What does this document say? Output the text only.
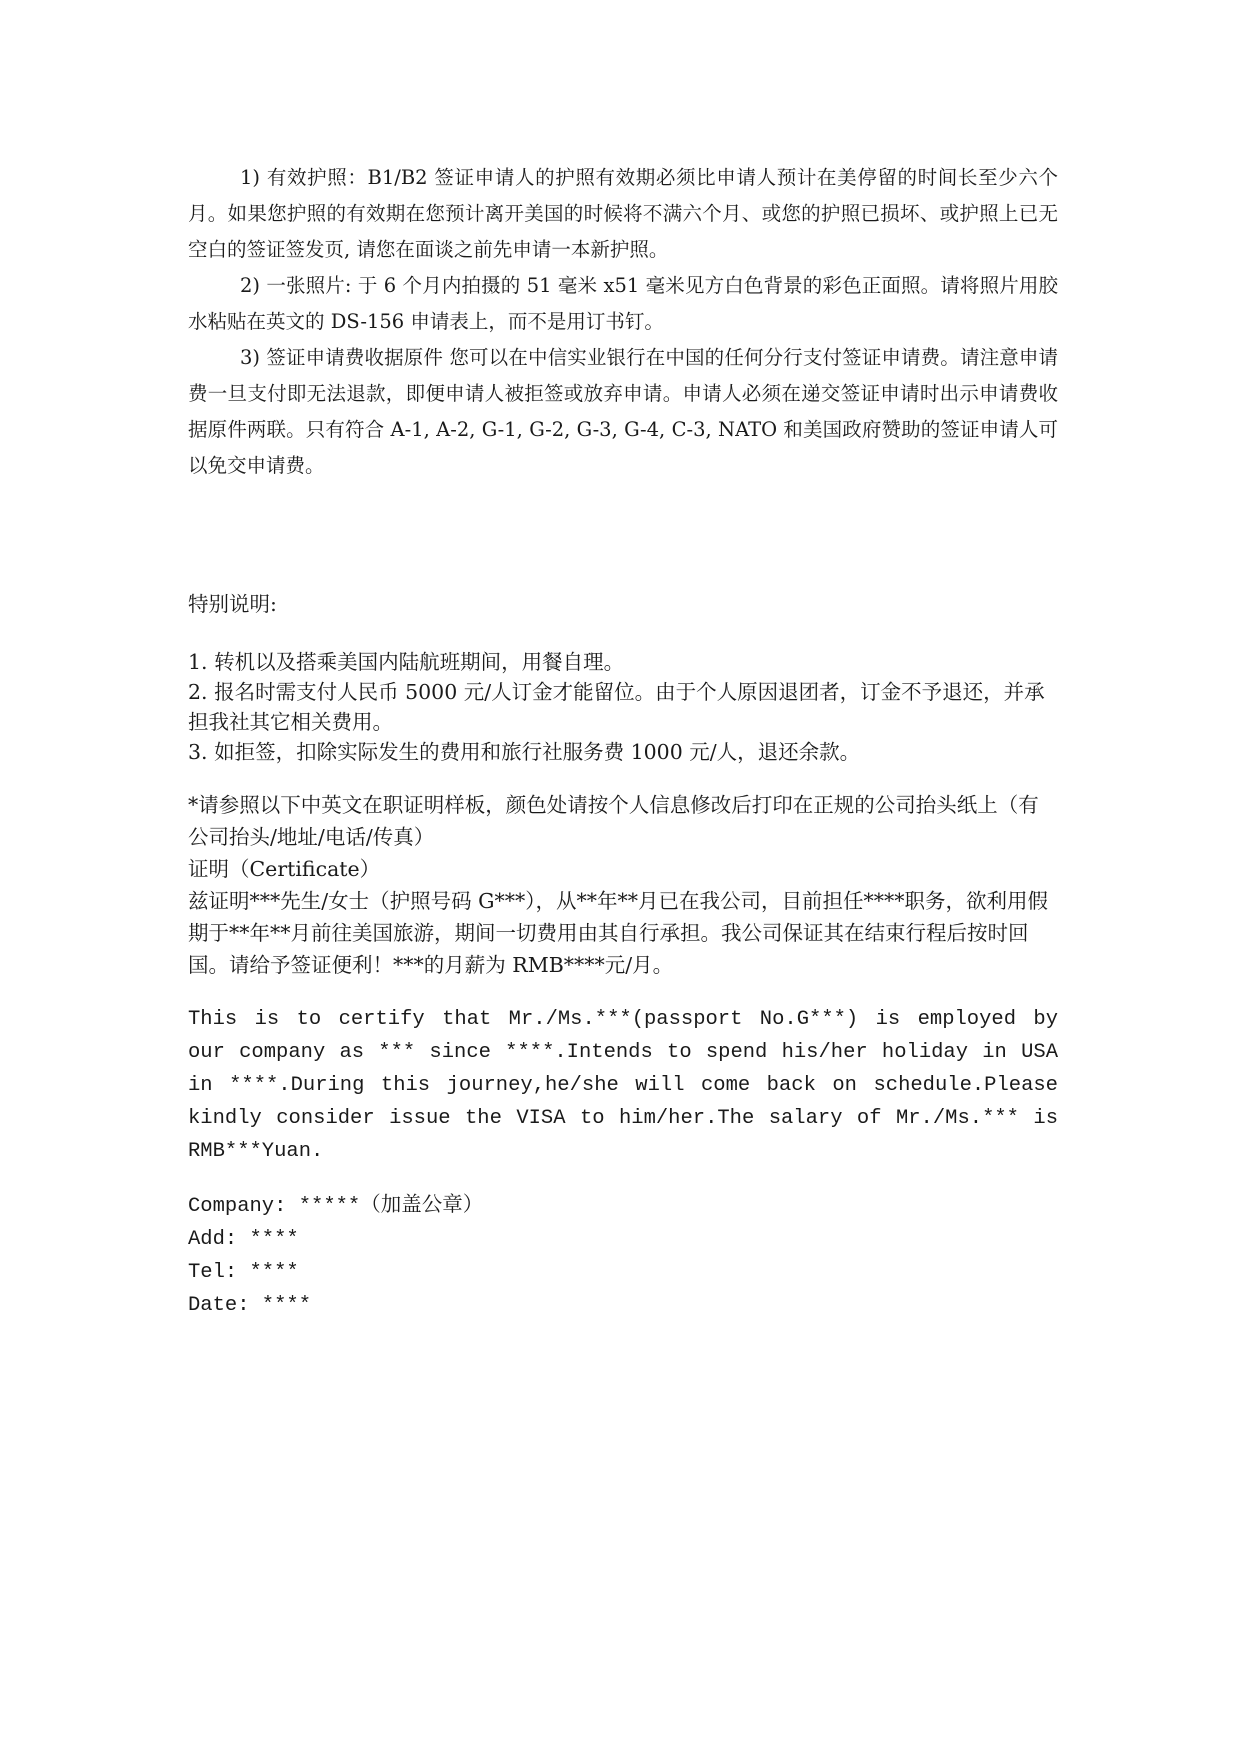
1) 有效护照：B1/B2 签证申请人的护照有效期必须比申请人预计在美停留的时间长至少六个月。如果您护照的有效期在您预计离开美国的时候将不满六个月、或您的护照已损坏、或护照上已无空白的签证签发页, 请您在面谈之前先申请一本新护照。

2) 一张照片: 于 6 个月内拍摄的 51 毫米 x51 毫米见方白色背景的彩色正面照。请将照片用胶水粘贴在英文的 DS-156 申请表上，而不是用订书钉。

3) 签证申请费收据原件 您可以在中信实业银行在中国的任何分行支付签证申请费。请注意申请费一旦支付即无法退款，即便申请人被拒签或放弃申请。申请人必须在递交签证申请时出示申请费收据原件两联。只有符合 A-1, A-2, G-1, G-2, G-3, G-4, C-3, NATO 和美国政府赞助的签证申请人可以免交申请费。

特别说明:

1. 转机以及搭乘美国内陆航班期间，用餐自理。

2. 报名时需支付人民币 5000 元/人订金才能留位。由于个人原因退团者，订金不予退还，并承担我社其它相关费用。

3. 如拒签，扣除实际发生的费用和旅行社服务费 1000 元/人，退还余款。

*请参照以下中英文在职证明样板，颜色处请按个人信息修改后打印在正规的公司抬头纸上（有公司抬头/地址/电话/传真）

证明（Certificate）

兹证明***先生/女士（护照号码 G***），从**年**月已在我公司，目前担任****职务，欲利用假期于**年**月前往美国旅游，期间一切费用由其自行承担。我公司保证其在结束行程后按时回国。请给予签证便利！***的月薪为 RMB****元/月。

This is to certify that Mr./Ms.***(passport No.G***) is employed by our company as *** since ****.Intends to spend his/her holiday in USA in ****.During this journey,he/she will come back on schedule.Please kindly consider issue the VISA to him/her.The salary of Mr./Ms.*** is RMB***Yuan.

Company: *****（加盖公章）

Add: ****

Tel: ****

Date: ****
